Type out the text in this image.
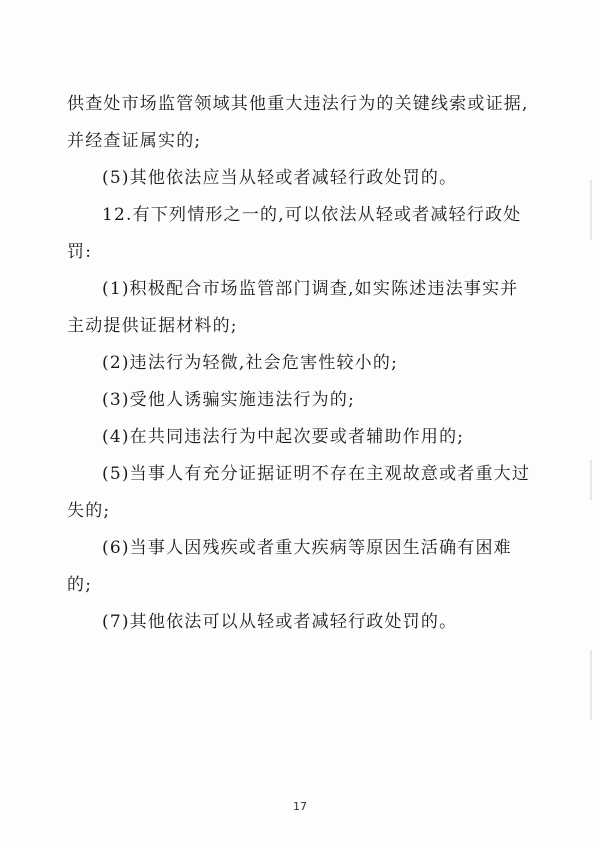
供查处市场监管领域其他重大违法行为的关键线索或证据,
并经查证属实的;
(5)其他依法应当从轻或者减轻行政处罚的。
12.有下列情形之一的,可以依法从轻或者减轻行政处
罚:
(1)积极配合市场监管部门调查,如实陈述违法事实并
主动提供证据材料的;
(2)违法行为轻微,社会危害性较小的;
(3)受他人诱骗实施违法行为的;
(4)在共同违法行为中起次要或者辅助作用的;
(5)当事人有充分证据证明不存在主观故意或者重大过
失的;
(6)当事人因残疾或者重大疾病等原因生活确有困难
的;
(7)其他依法可以从轻或者减轻行政处罚的。
17
